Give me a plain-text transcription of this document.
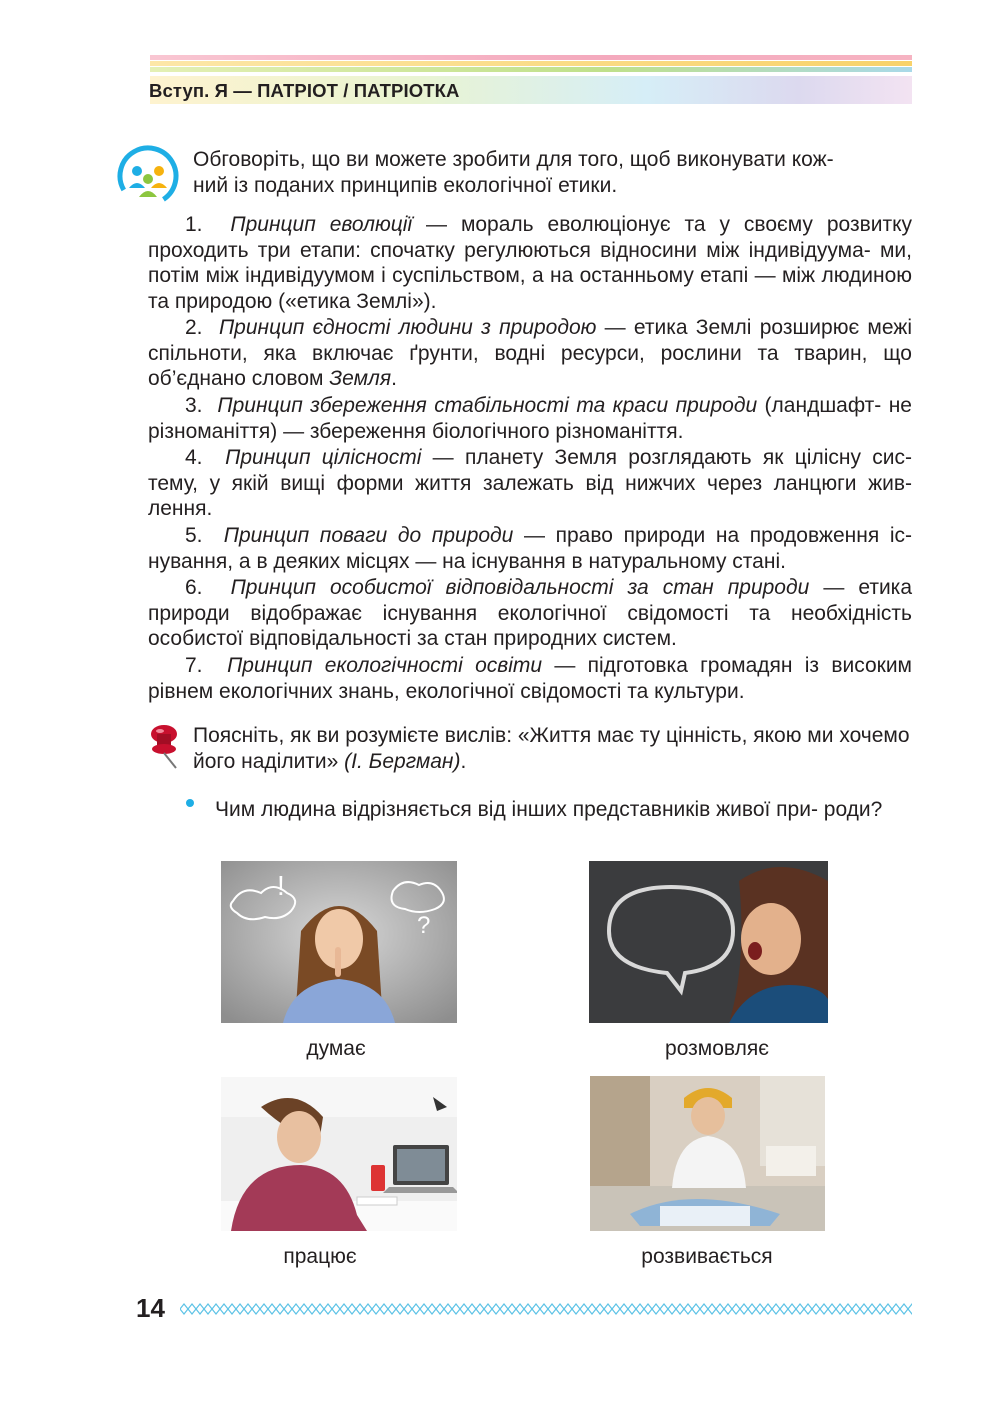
Вступ. Я — ПАТРІОТ / ПАТРІОТКА

Обговоріть, що ви можете зробити для того, щоб виконувати кож-
ний із поданих принципів екологічної етики.

1. Принцип еволюції — мораль еволюціонує та у своєму розвитку проходить три етапи: спочатку регулюються відносини між індивідуума- ми, потім між індивідуумом і суспільством, а на останньому етапі — між людиною та природою («етика Землі»).

2. Принцип єдності людини з природою — етика Землі розширює межі спільноти, яка включає ґрунти, водні ресурси, рослини та тварин, що об’єднано словом Земля.

3. Принцип збереження стабільності та краси природи (ландшафт- не різноманіття) — збереження біологічного різноманіття.

4. Принцип цілісності — планету Земля розглядають як цілісну сис- тему, у якій вищі форми життя залежать від нижчих через ланцюги жив- лення.

5. Принцип поваги до природи — право природи на продовження іс- нування, а в деяких місцях — на існування в натуральному стані.

6. Принцип особистої відповідальності за стан природи — етика природи відображає існування екологічної свідомості та необхідність особистої відповідальності за стан природних систем.

7. Принцип екологічності освіти — підготовка громадян із високим рівнем екологічних знань, екологічної свідомості та культури.

Поясніть, як ви розумієте вислів: «Життя має ту цінність, якою ми хочемо його наділити» (І. Бергман).

Чим людина відрізняється від інших представників живої при- роди?

!
?
думає	розмовляє
працює	розвивається
14
